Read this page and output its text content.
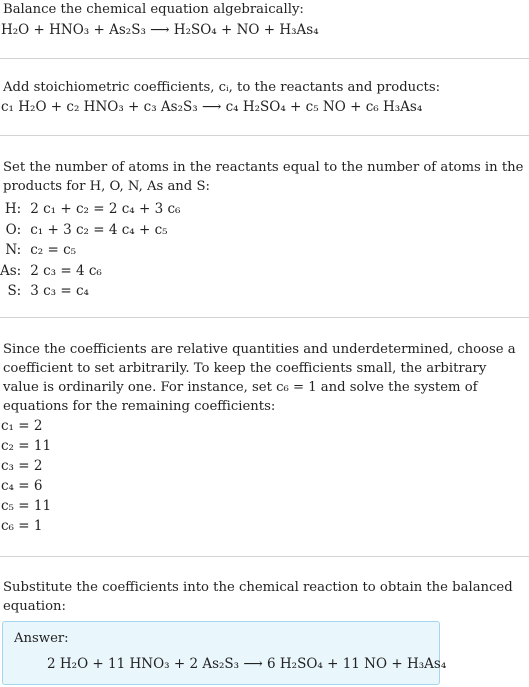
Balance the chemical equation algebraically:
H₂O + HNO₃ + As₂S₃ ⟶ H₂SO₄ + NO + H₃As₄
Add stoichiometric coefficients, cᵢ, to the reactants and products:
c₁ H₂O + c₂ HNO₃ + c₃ As₂S₃ ⟶ c₄ H₂SO₄ + c₅ NO + c₆ H₃As₄
Set the number of atoms in the reactants equal to the number of atoms in the products for H, O, N, As and S:
H:	2 c₁ + c₂ = 2 c₄ + 3 c₆
O:	c₁ + 3 c₂ = 4 c₄ + c₅
N:	c₂ = c₅
As:	2 c₃ = 4 c₆
S:	3 c₃ = c₄
Since the coefficients are relative quantities and underdetermined, choose a coefficient to set arbitrarily. To keep the coefficients small, the arbitrary value is ordinarily one. For instance, set c₆ = 1 and solve the system of equations for the remaining coefficients:
c₁ = 2
c₂ = 11
c₃ = 2
c₄ = 6
c₅ = 11
c₆ = 1
Substitute the coefficients into the chemical reaction to obtain the balanced equation:
Answer:
2 H₂O + 11 HNO₃ + 2 As₂S₃ ⟶ 6 H₂SO₄ + 11 NO + H₃As₄
